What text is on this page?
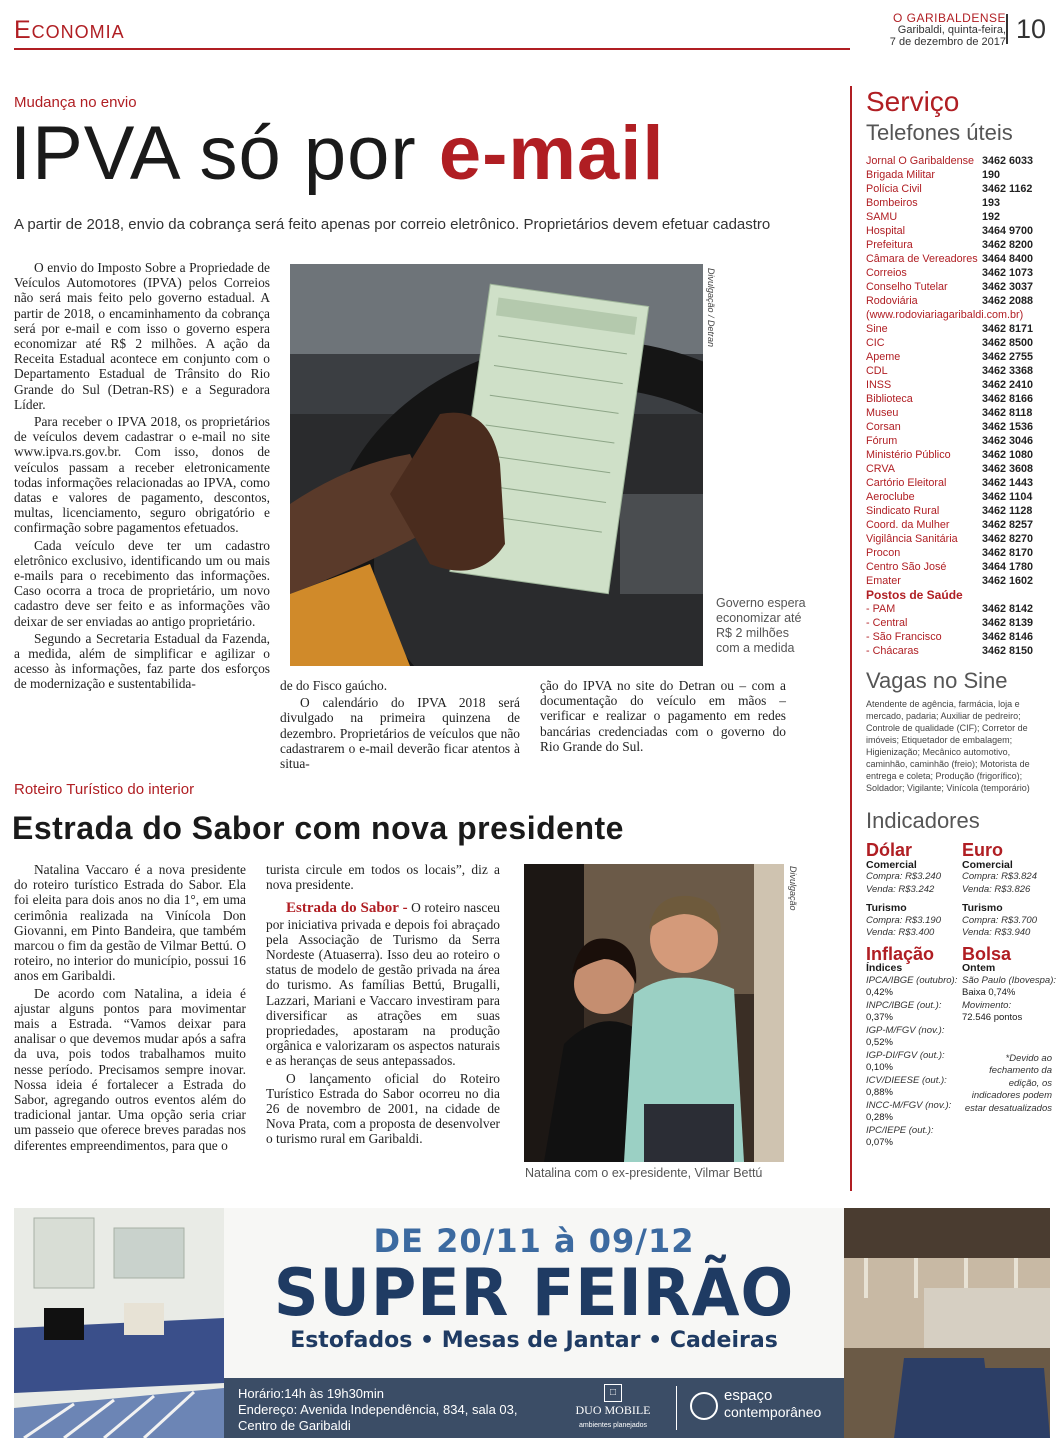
Economia	O GARIBALDENSE
Garibaldi, quinta-feira,
7 de dezembro de 2017 10
Mudança no envio
IPVA só por e-mail
A partir de 2018, envio da cobrança será feito apenas por correio eletrônico. Proprietários devem efetuar cadastro

O envio do Imposto Sobre a Propriedade de Veículos Automotores (IPVA) pelos Correios não será mais feito pelo governo estadual. A partir de 2018, o encaminhamento da cobrança será por e-mail e com isso o governo espera economizar até R$ 2 milhões. A ação da Receita Estadual acontece em conjunto com o Departamento Estadual de Trânsito do Rio Grande do Sul (Detran-RS) e a Seguradora Líder.

Para receber o IPVA 2018, os proprietários de veículos devem cadastrar o e-mail no site www.ipva.rs.gov.br. Com isso, donos de veículos passam a receber eletronicamente todas informações relacionadas ao IPVA, como datas e valores de pagamento, descontos, multas, licenciamento, seguro obrigatório e confirmação sobre pagamentos efetuados.

Cada veículo deve ter um cadastro eletrônico exclusivo, identificando um ou mais e-mails para o recebimento das informações. Caso ocorra a troca de proprietário, um novo cadastro deve ser feito e as informações vão deixar de ser enviadas ao antigo proprietário.

Segundo a Secretaria Estadual da Fazenda, a medida, além de simplificar e agilizar o acesso às informações, faz parte dos esforços de modernização e sustentabilida-

Divulgação / Detran
Governo espera economizar até R$ 2 milhões com a medida

de do Fisco gaúcho.

O calendário do IPVA 2018 será divulgado na primeira quinzena de dezembro. Proprietários de veículos que não cadastrarem o e-mail deverão ficar atentos à situa-

ção do IPVA no site do Detran ou – com a documentação do veículo em mãos – verificar e realizar o pagamento em redes bancárias credenciadas com o governo do Rio Grande do Sul.

Roteiro Turístico do interior
Estrada do Sabor com nova presidente

Natalina Vaccaro é a nova presidente do roteiro turístico Estrada do Sabor. Ela foi eleita para dois anos no dia 1°, em uma cerimônia realizada na Vinícola Don Giovanni, em Pinto Bandeira, que também marcou o fim da gestão de Vilmar Bettú. O roteiro, no interior do município, possui 16 anos em Garibaldi.

De acordo com Natalina, a ideia é ajustar alguns pontos para movimentar mais a Estrada. “Vamos deixar para analisar o que devemos mudar após a safra da uva, pois todos trabalhamos muito nesse período. Precisamos sempre inovar. Nossa ideia é fortalecer a Estrada do Sabor, agregando outros eventos além do tradicional jantar. Uma opção seria criar um passeio que oferece breves paradas nos diferentes empreendimentos, para que o

turista circule em todos os locais”, diz a nova presidente.

Estrada do Sabor - O roteiro nasceu por iniciativa privada e depois foi abraçado pela Associação de Turismo da Serra Nordeste (Atuaserra). Isso deu ao roteiro o status de modelo de gestão privada na área do turismo. As famílias Bettú, Brugalli, Lazzari, Mariani e Vaccaro investiram para diversificar as atrações em suas propriedades, apostaram na produção orgânica e valorizaram os aspectos naturais e as heranças de seus antepassados.

O lançamento oficial do Roteiro Turístico Estrada do Sabor ocorreu no dia 26 de novembro de 2001, na cidade de Nova Prata, com a proposta de desenvolver o turismo rural em Garibaldi.

Divulgação
Natalina com o ex-presidente, Vilmar Bettú
Serviço
Telefones úteis
Jornal O Garibaldense 3462 6033
Brigada Militar	190
Polícia Civil	3462 1162
Bombeiros	193
SAMU	192
Hospital	3464 9700
Prefeitura	3462 8200
Câmara de Vereadores 3464 8400
Correios	3462 1073
Conselho Tutelar	3462 3037
Rodoviária	3462 2088
(www.rodoviariagaribaldi.com.br)
Sine	3462 8171
CIC	3462 8500
Apeme	3462 2755
CDL	3462 3368
INSS	3462 2410
Biblioteca	3462 8166
Museu	3462 8118
Corsan	3462 1536
Fórum	3462 3046
Ministério Público	3462 1080
CRVA	3462 3608
Cartório Eleitoral	3462 1443
Aeroclube	3462 1104
Sindicato Rural	3462 1128
Coord. da Mulher	3462 8257
Vigilância Sanitária 3462 8270
Procon	3462 8170
Centro São José	3464 1780
Emater	3462 1602
Postos de Saúde
- PAM	3462 8142
- Central	3462 8139
- São Francisco	3462 8146
- Chácaras	3462 8150
Vagas no Sine
Atendente de agência, farmácia, loja e mercado, padaria; Auxiliar de pedreiro; Controle de qualidade (CIF); Corretor de imóveis; Etiquetador de embalagem; Higienização; Mecânico automotivo, caminhão, caminhão (freio); Motorista de entrega e coleta; Produção (frigorífico); Soldador; Vigilante; Vinícola (temporário)
Indicadores
Dólar
Comercial
Compra: R$3.240
Venda: R$3.242
Turismo
Compra: R$3.190
Venda: R$3.400
Euro
Comercial
Compra: R$3.824
Venda: R$3.826
Turismo
Compra: R$3.700
Venda: R$3.940
Inflação
Índices
IPCA/IBGE (outubro):
0,42%
INPC/IBGE (out.):
0,37%
IGP-M/FGV (nov.):
0,52%
IGP-DI/FGV (out.):
0,10%
ICV/DIEESE (out.):
0,88%
INCC-M/FGV (nov.):
0,28%
IPC/IEPE (out.):
0,07%
Bolsa
Ontem
São Paulo (Ibovespa):
Baixa 0,74%
Movimento:
72.546 pontos
*Devido ao fechamento da edição, os indicadores podem estar desatualizados
DE 20/11 à 09/12
SUPER FEIRÃO
Estofados • Mesas de Jantar • Cadeiras
Horário:14h às 19h30min
Endereço: Avenida Independência, 834, sala 03,
Centro de Garibaldi
□
DUO MOBILE
ambientes planejados
espaço
contemporâneo
